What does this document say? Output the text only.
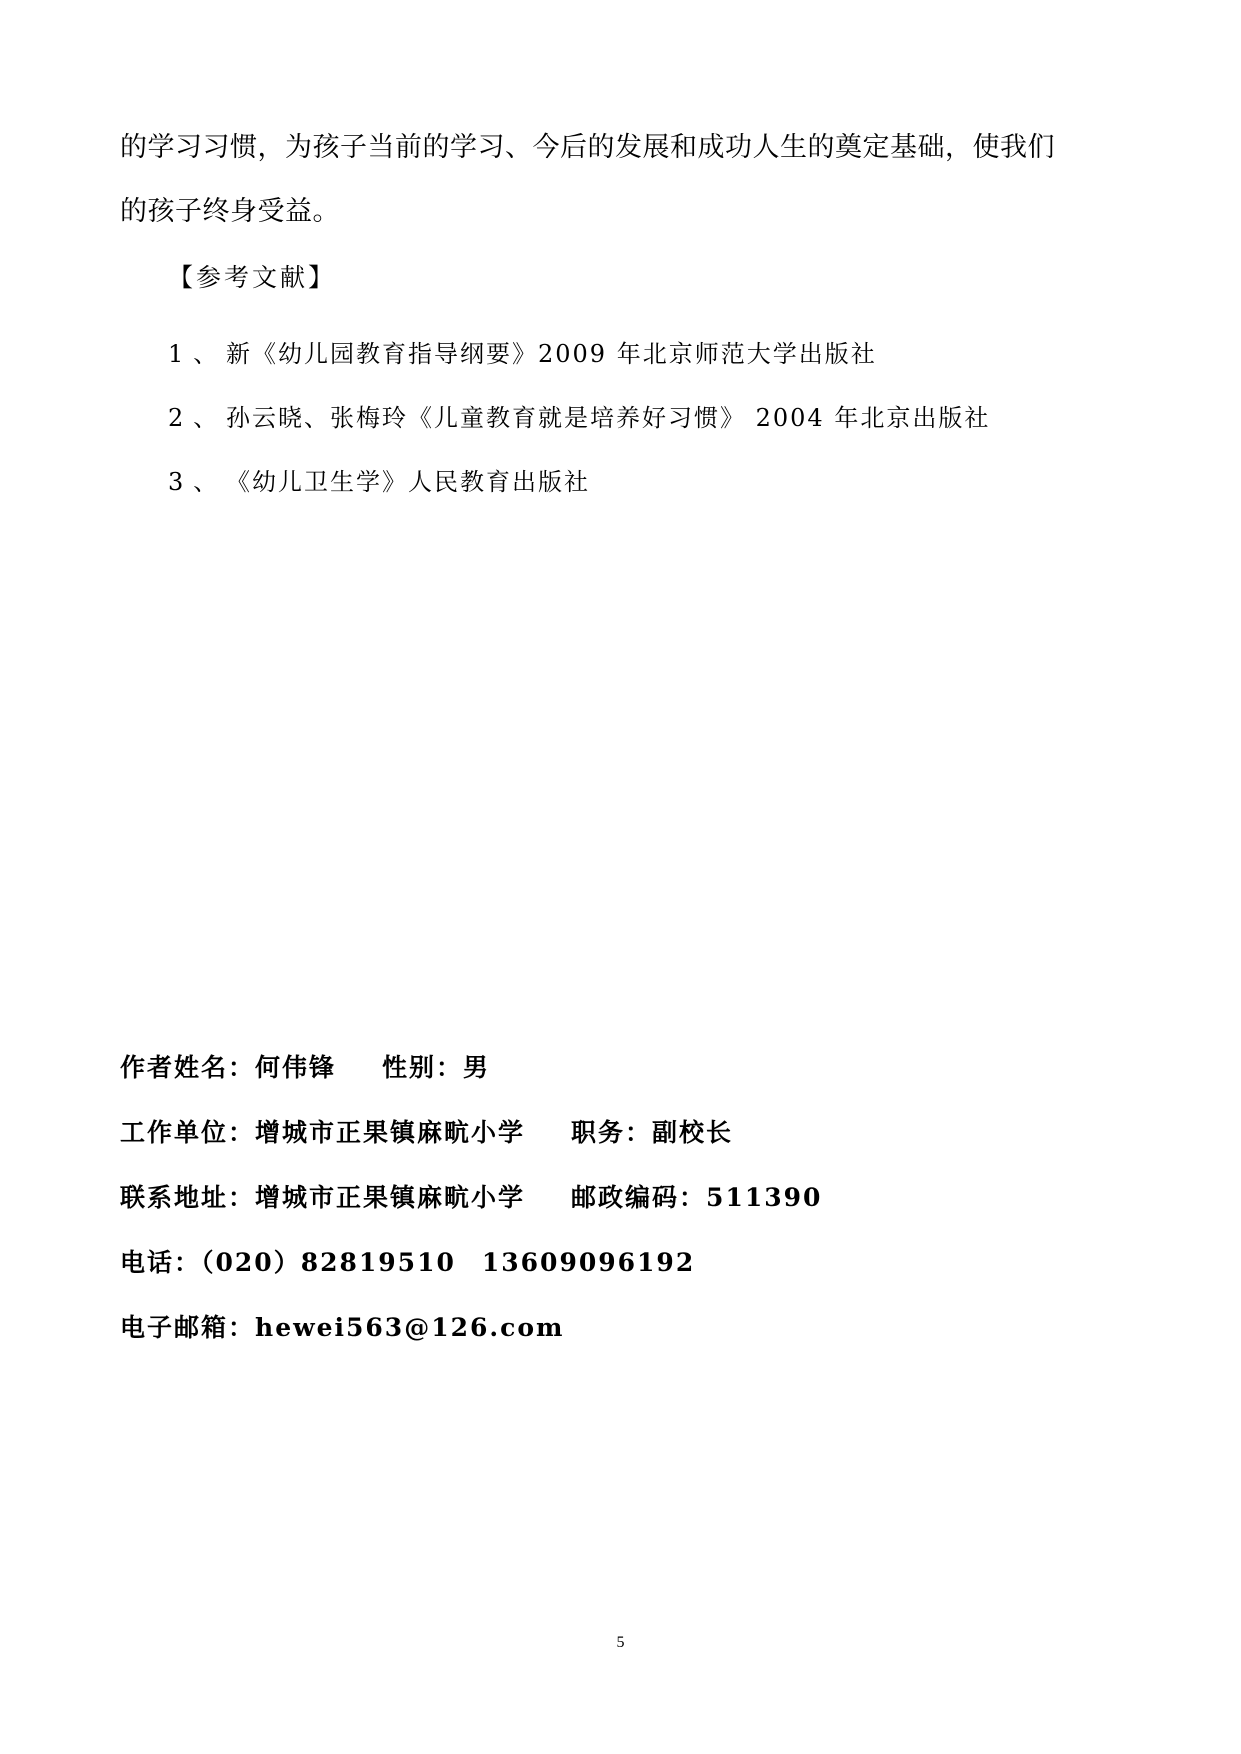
的学习习惯，为孩子当前的学习、今后的发展和成功人生的奠定基础，使我们

的孩子终身受益。

【参考文献】
1、新《幼儿园教育指导纲要》2009 年北京师范大学出版社
2、孙云晓、张梅玲《儿童教育就是培养好习惯》 2004 年北京出版社
3、《幼儿卫生学》人民教育出版社
作者姓名：何伟锋 性别：男
工作单位：增城市正果镇麻㽘小学 职务：副校长
联系地址：增城市正果镇麻㽘小学 邮政编码：511390
电话：（020）82819510 13609096192
电子邮箱：hewei563@126.com
5
